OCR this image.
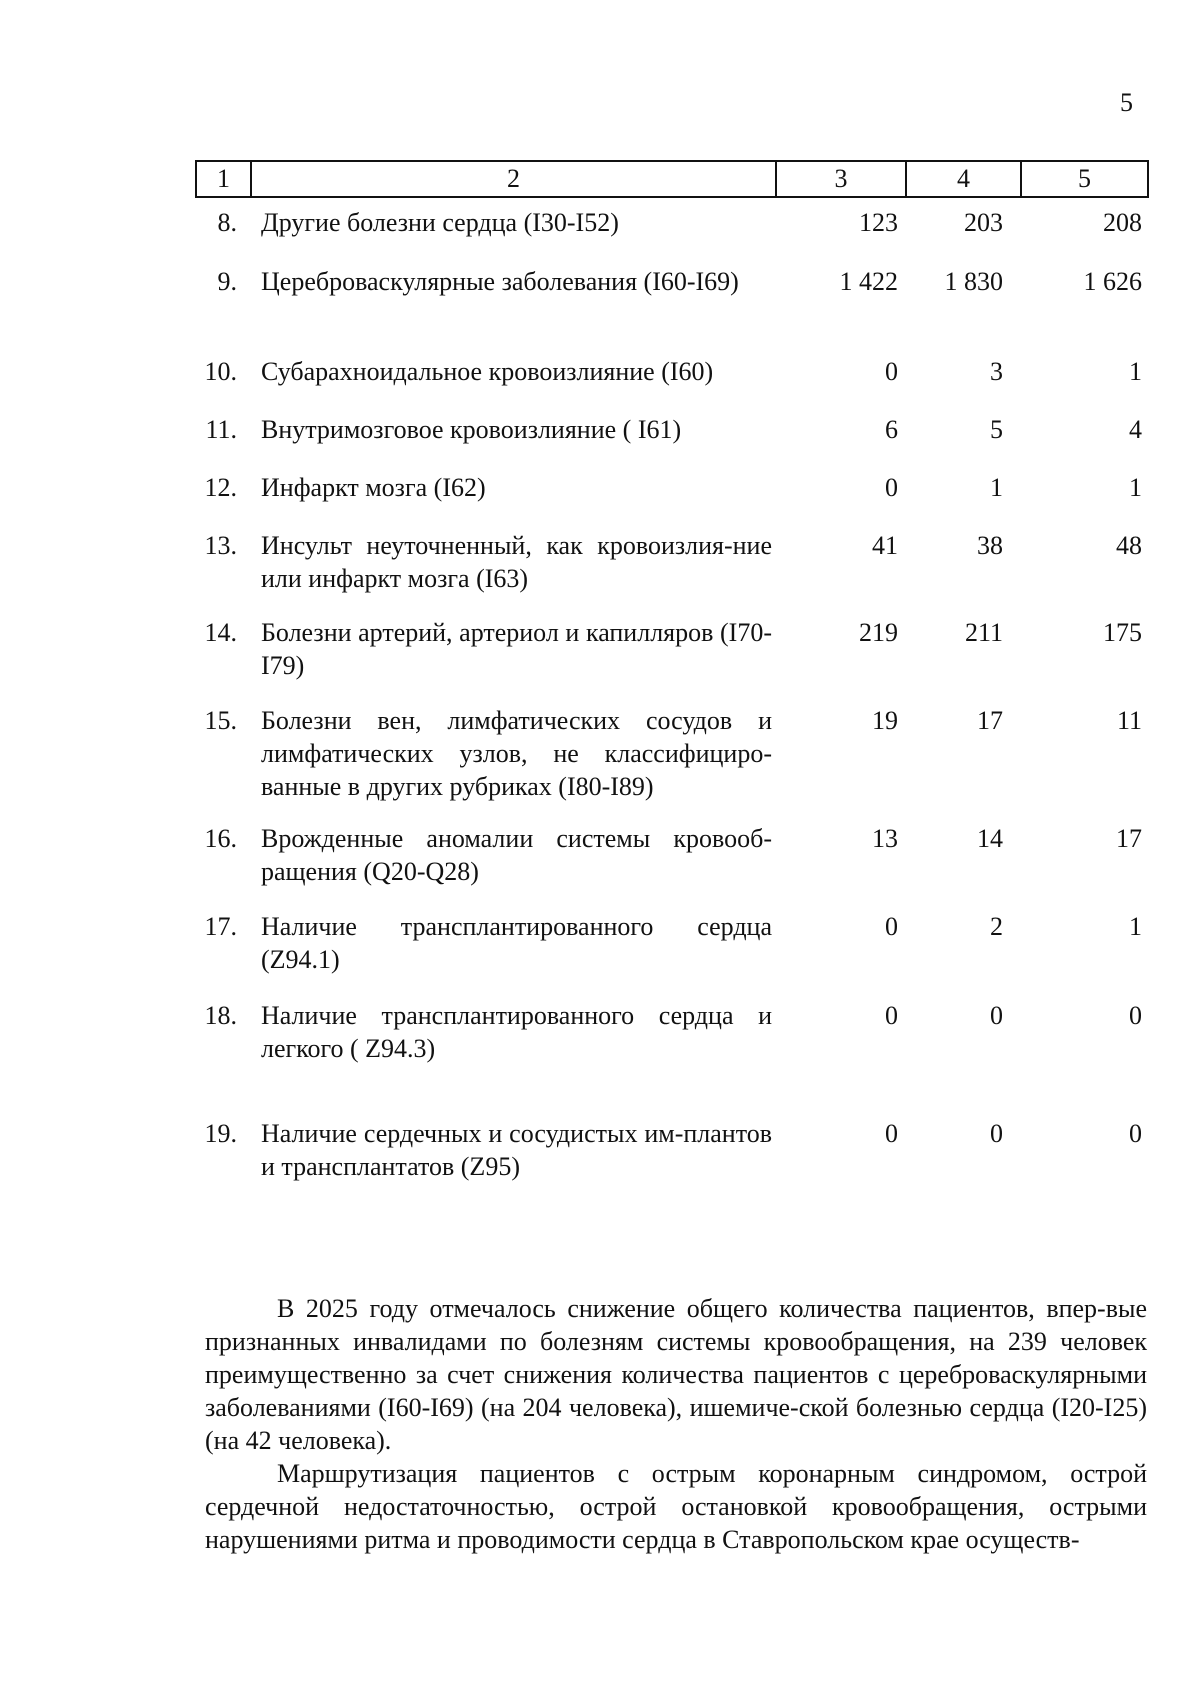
5
1	2	3	4	5
8.	Другие болезни сердца (I30-I52)	123	203	208
9.	Цереброваскулярные заболевания (I60-I69)	1 422	1 830	1 626
10.	Субарахноидальное кровоизлияние (I60)	0	3	1
11.	Внутримозговое кровоизлияние ( I61)	6	5	4
12.	Инфаркт мозга (I62)	0	1	1
13.	Инсульт неуточненный, как кровоизлия-ние или инфаркт мозга (I63)	41	38	48
14.	Болезни артерий, артериол и капилляров (I70-I79)	219	211	175
15.	Болезни вен, лимфатических сосудов и лимфатических узлов, не классифициро-ванные в других рубриках (I80-I89)	19	17	11
16.	Врожденные аномалии системы кровооб-ращения (Q20-Q28)	13	14	17
17.	Наличие трансплантированного сердца (Z94.1)	0	2	1
18.	Наличие трансплантированного сердца и легкого ( Z94.3)	0	0	0
19.	Наличие сердечных и сосудистых им-плантов и трансплантатов (Z95)	0	0	0

В 2025 году отмечалось снижение общего количества пациентов, впер-вые признанных инвалидами по болезням системы кровообращения, на 239 человек преимущественно за счет снижения количества пациентов с цереброваскулярными заболеваниями (I60-I69) (на 204 человека), ишемиче-ской болезнью сердца (I20-I25) (на 42 человека).

Маршрутизация пациентов с острым коронарным синдромом, острой сердечной недостаточностью, острой остановкой кровообращения, острыми нарушениями ритма и проводимости сердца в Ставропольском крае осуществ-
